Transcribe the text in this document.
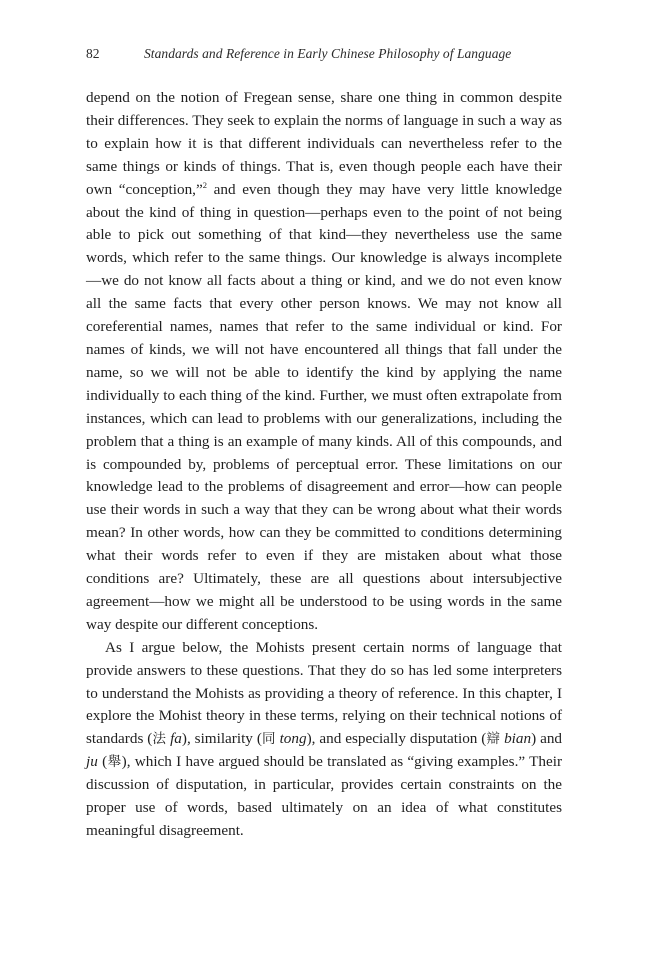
82	Standards and Reference in Early Chinese Philosophy of Language

depend on the notion of Fregean sense, share one thing in common despite their differences. They seek to explain the norms of language in such a way as to explain how it is that different individuals can nevertheless refer to the same things or kinds of things. That is, even though people each have their own “conception,”$^2$ and even though they may have very little knowledge about the kind of thing in question—perhaps even to the point of not being able to pick out something of that kind—they nevertheless use the same words, which refer to the same things. Our knowledge is always incomplete—we do not know all facts about a thing or kind, and we do not even know all the same facts that every other person knows. We may not know all coreferential names, names that refer to the same individual or kind. For names of kinds, we will not have encountered all things that fall under the name, so we will not be able to identify the kind by applying the name individually to each thing of the kind. Further, we must often extrapolate from instances, which can lead to problems with our generalizations, including the problem that a thing is an example of many kinds. All of this compounds, and is compounded by, problems of perceptual error. These limitations on our knowledge lead to the problems of disagreement and error—how can people use their words in such a way that they can be wrong about what their words mean? In other words, how can they be committed to conditions determining what their words refer to even if they are mistaken about what those conditions are? Ultimately, these are all questions about intersubjective agreement—how we might all be understood to be using words in the same way despite our different conceptions.

As I argue below, the Mohists present certain norms of language that provide answers to these questions. That they do so has led some interpreters to understand the Mohists as providing a theory of reference. In this chapter, I explore the Mohist theory in these terms, relying on their technical notions of standards (法 fa), similarity (同 tong), and especially disputation (辯 bian) and ju (舉), which I have argued should be translated as “giving examples.” Their discussion of disputation, in particular, provides certain constraints on the proper use of words, based ultimately on an idea of what constitutes meaningful disagreement.
